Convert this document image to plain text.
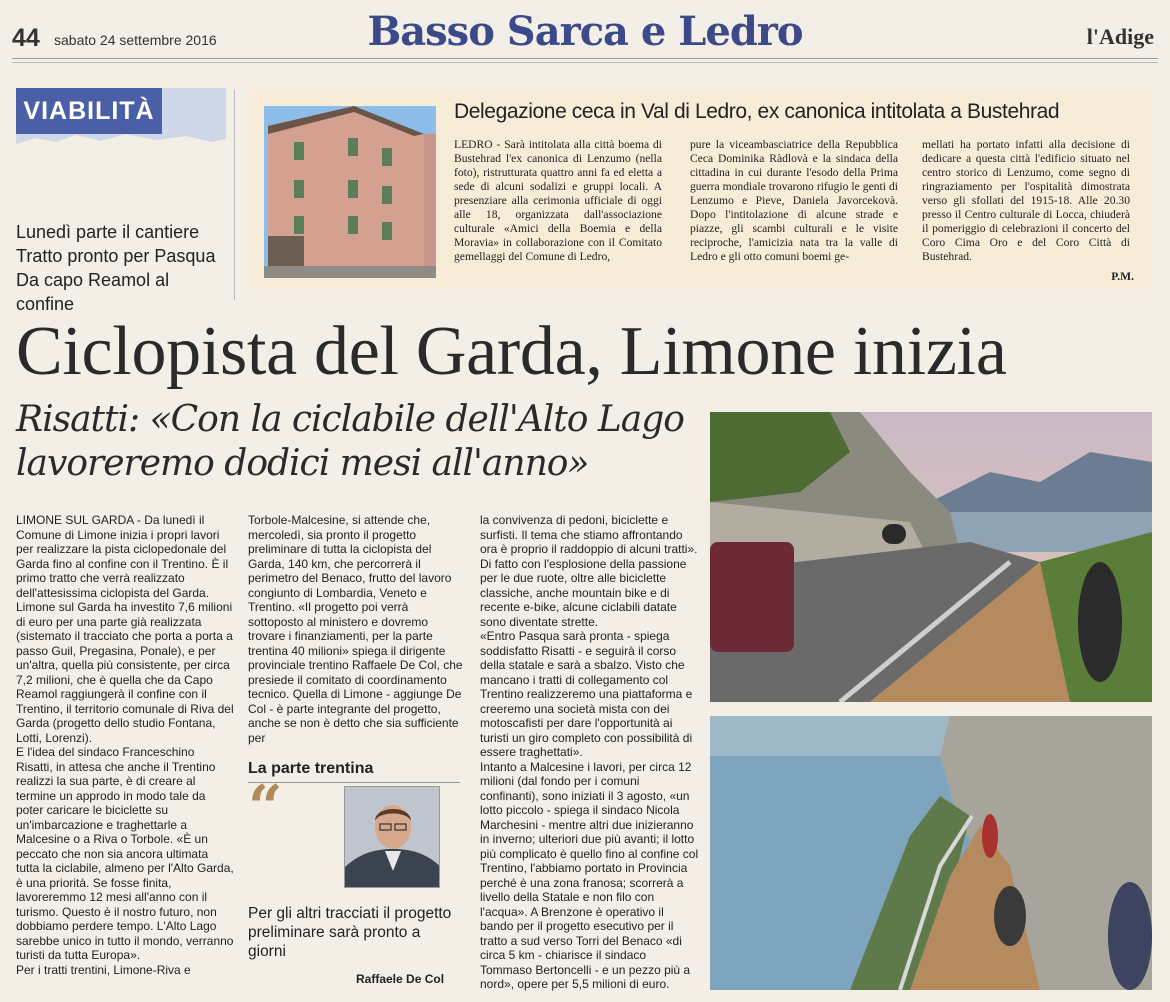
44 sabato 24 settembre 2016	Basso Sarca e Ledro	l'Adige
VIABILITÀ
Lunedì parte il cantiere
Tratto pronto per Pasqua
Da capo Reamol al confine
Delegazione ceca in Val di Ledro, ex canonica intitolata a Bustehrad
LEDRO - Sarà intitolata alla città boema di Bustehrad l'ex canonica di Lenzumo (nella foto), ristrutturata quattro anni fa ed eletta a sede di alcuni sodalizi e gruppi locali. A presenziare alla cerimonia ufficiale di oggi alle 18, organizzata dall'associazione culturale «Amici della Boemia e della Moravia» in collaborazione con il Comitato gemellaggi del Comune di Ledro,
pure la viceambasciatrice della Repubblica Ceca Dominika Ràdlovà e la sindaca della cittadina in cui durante l'esodo della Prima guerra mondiale trovarono rifugio le genti di Lenzumo e Pieve, Daniela Javorcekovà. Dopo l'intitolazione di alcune strade e piazze, gli scambi culturali e le visite reciproche, l'amicizia nata tra la valle di Ledro e gli otto comuni boemi ge-
mellati ha portato infatti alla decisione di dedicare a questa città l'edificio situato nel centro storico di Lenzumo, come segno di ringraziamento per l'ospitalità dimostrata verso gli sfollati del 1915-18. Alle 20.30 presso il Centro culturale di Locca, chiuderà il pomeriggio di celebrazioni il concerto del Coro Cima Oro e del Coro Città di Bustehrad.
P.M.
Ciclopista del Garda, Limone inizia
Risatti: «Con la ciclabile dell'Alto Lago lavoreremo dodici mesi all'anno»

LIMONE SUL GARDA - Da lunedì il Comune di Limone inizia i propri lavori per realizzare la pista ciclopedonale del Garda fino al confine con il Trentino. È il primo tratto che verrà realizzato dell'attesissima ciclopista del Garda.

Limone sul Garda ha investito 7,6 milioni di euro per una parte già realizzata (sistemato il tracciato che porta a porta a passo Guil, Pregasina, Ponale), e per un'altra, quella più consistente, per circa 7,2 milioni, che è quella che da Capo Reamol raggiungerà il confine con il Trentino, il territorio comunale di Riva del Garda (progetto dello studio Fontana, Lotti, Lorenzi).

E l'idea del sindaco Franceschino Risatti, in attesa che anche il Trentino realizzi la sua parte, è di creare al termine un approdo in modo tale da poter caricare le biciclette su un'imbarcazione e traghettarle a Malcesine o a Riva o Torbole. «È un peccato che non sia ancora ultimata tutta la ciclabile, almeno per l'Alto Garda, è una priorità. Se fosse finita, lavoreremmo 12 mesi all'anno con il turismo. Questo è il nostro futuro, non dobbiamo perdere tempo. L'Alto Lago sarebbe unico in tutto il mondo, verranno turisti da tutta Europa».

Per i tratti trentini, Limone-Riva e

Torbole-Malcesine, si attende che, mercoledì, sia pronto il progetto preliminare di tutta la ciclopista del Garda, 140 km, che percorrerà il perimetro del Benaco, frutto del lavoro congiunto di Lombardia, Veneto e Trentino. «Il progetto poi verrà sottoposto al ministero e dovremo trovare i finanziamenti, per la parte trentina 40 milioni» spiega il dirigente provinciale trentino Raffaele De Col, che presiede il comitato di coordinamento tecnico. Quella di Limone - aggiunge De Col - è parte integrante del progetto, anche se non è detto che sia sufficiente per

la convivenza di pedoni, biciclette e surfisti. Il tema che stiamo affrontando ora è proprio il raddoppio di alcuni tratti». Di fatto con l'esplosione della passione per le due ruote, oltre alle biciclette classiche, anche mountain bike e di recente e-bike, alcune ciclabili datate sono diventate strette.

«Entro Pasqua sarà pronta - spiega soddisfatto Risatti - e seguirà il corso della statale e sarà a sbalzo. Visto che mancano i tratti di collegamento col Trentino realizzeremo una piattaforma e creeremo una società mista con dei motoscafisti per dare l'opportunità ai turisti un giro completo con possibilità di essere traghettati».

Intanto a Malcesine i lavori, per circa 12 milioni (dal fondo per i comuni confinanti), sono iniziati il 3 agosto, «un lotto piccolo - spiega il sindaco Nicola Marchesini - mentre altri due inizieranno in inverno; ulteriori due più avanti; il lotto più complicato è quello fino al confine col Trentino, l'abbiamo portato in Provincia perché è una zona franosa; scorrerà a livello della Statale e non filo con l'acqua». A Brenzone è operativo il bando per il progetto esecutivo per il tratto a sud verso Torri del Benaco «di circa 5 km - chiarisce il sindaco Tommaso Bertoncelli - e un pezzo più a nord», opere per 5,5 milioni di euro.

La parte trentina
“
Per gli altri tracciati il progetto preliminare sarà pronto a giorni
Raffaele De Col
